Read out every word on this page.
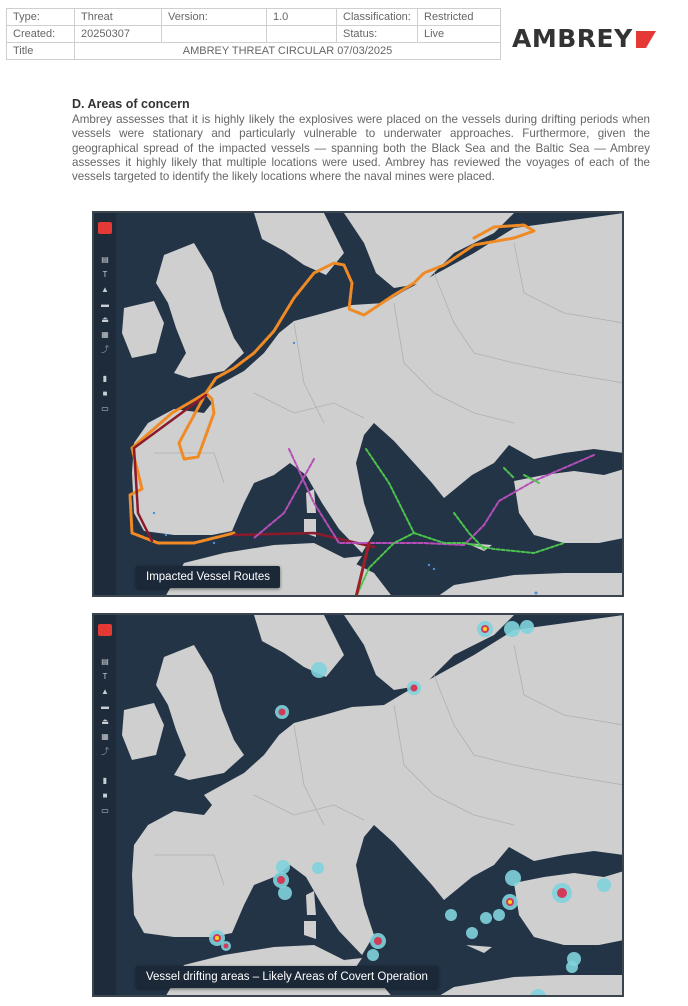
Type:	Threat	Version:	1.0	Classification:	Restricted
Created:	20250307			Status:	Live
Title	AMBREY THREAT CIRCULAR 07/03/2025					AMBREY
D. Areas of concern

Ambrey assesses that it is highly likely the explosives were placed on the vessels during drifting periods when vessels were stationary and particularly vulnerable to underwater approaches. Furthermore, given the geographical spread of the impacted vessels — spanning both the Black Sea and the Baltic Sea — Ambrey assesses it highly likely that multiple locations were used. Ambrey has reviewed the voyages of each of the vessels targeted to identify the likely locations where the naval mines were placed.

▤
T
▲
▬
⏏
▦
⤴
▮
■
▭
Impacted Vessel Routes
▤
T
▲
▬
⏏
▦
⤴
▮
■
▭
Vessel drifting areas – Likely Areas of Covert Operation
